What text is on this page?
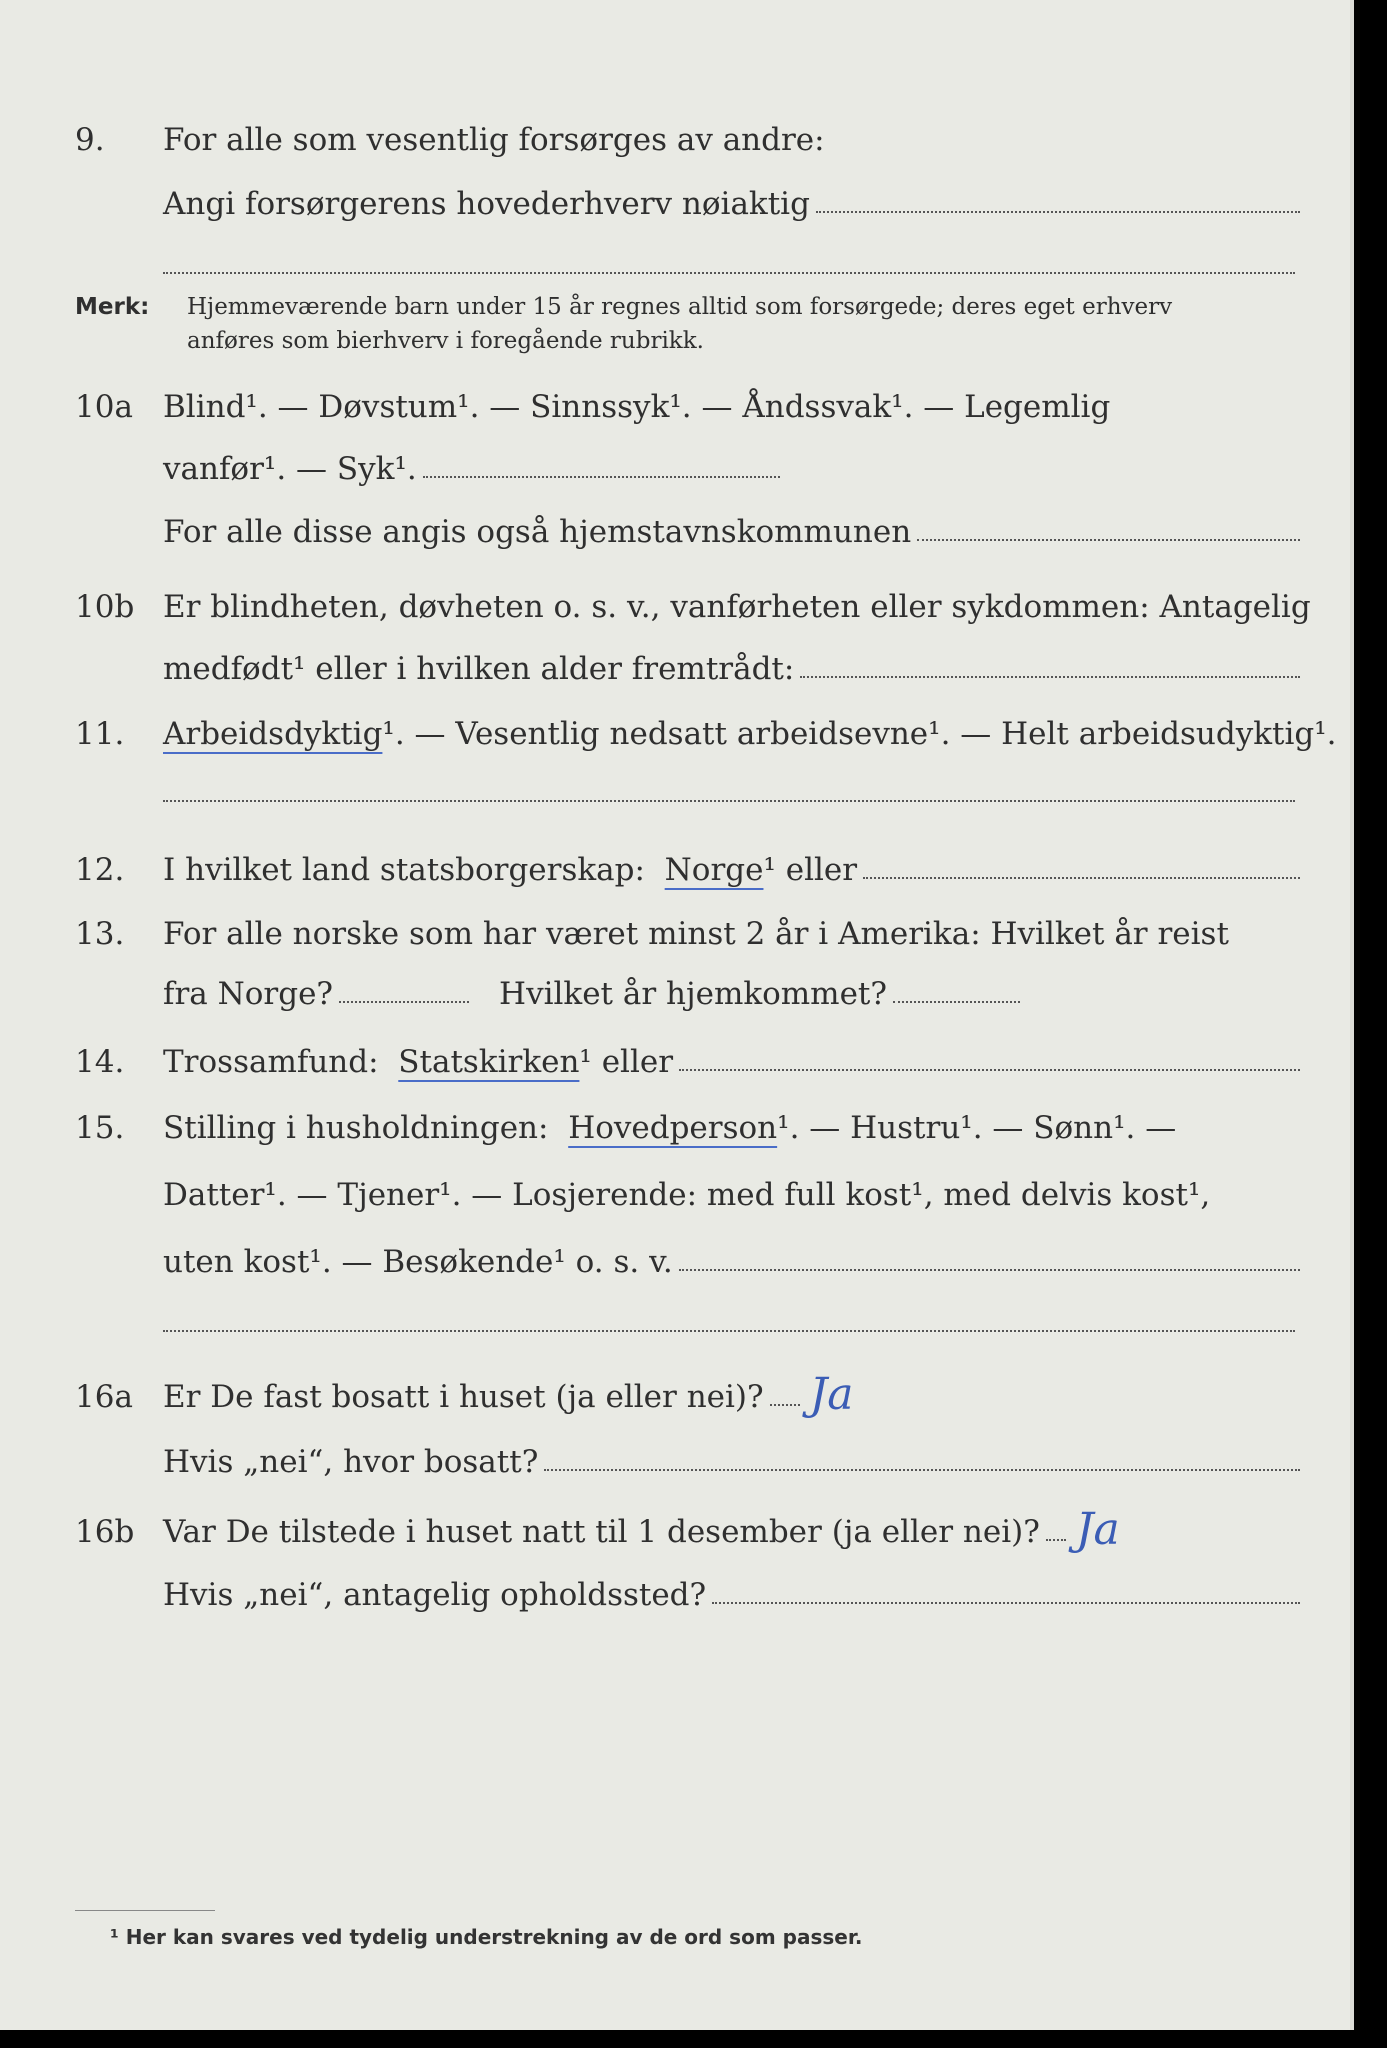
9.	For alle som vesentlig forsørges av andre:
Angi forsørgerens hovederhverv nøiaktig
Merk: Hjemmeværende barn under 15 år regnes alltid som forsørgede; deres eget erhverv
anføres som bierhverv i foregående rubrikk.
10a Blind¹. — Døvstum¹. — Sinnssyk¹. — Åndssvak¹. — Legemlig
vanfør¹. — Syk¹.
For alle disse angis også hjemstavnskommunen
10b Er blindheten, døvheten o. s. v., vanførheten eller sykdommen: Antagelig
medfødt¹ eller i hvilken alder fremtrådt:
11.	Arbeidsdyktig ¹. — Vesentlig nedsatt arbeidsevne¹. — Helt arbeidsudyktig¹.
12.	I hvilket land statsborgerskap:
Norge ¹ eller
13.	For alle norske som har været minst 2 år i Amerika: Hvilket år reist
fra Norge?	Hvilket år hjemkommet?
14.	Trossamfund:
Statskirken ¹ eller
15.	Stilling i husholdningen:
Hovedperson ¹. — Hustru¹. — Sønn¹. —
Datter¹. — Tjener¹. — Losjerende: med full kost¹, med delvis kost¹,
uten kost¹. — Besøkende¹ o. s. v.
16a Er De fast bosatt i huset (ja eller nei)? Ja
Hvis „nei“, hvor bosatt?
16b Var De tilstede i huset natt til 1 desember (ja eller nei)? Ja
Hvis „nei“, antagelig opholdssted?
¹ Her kan svares ved tydelig understrekning av de ord som passer.
